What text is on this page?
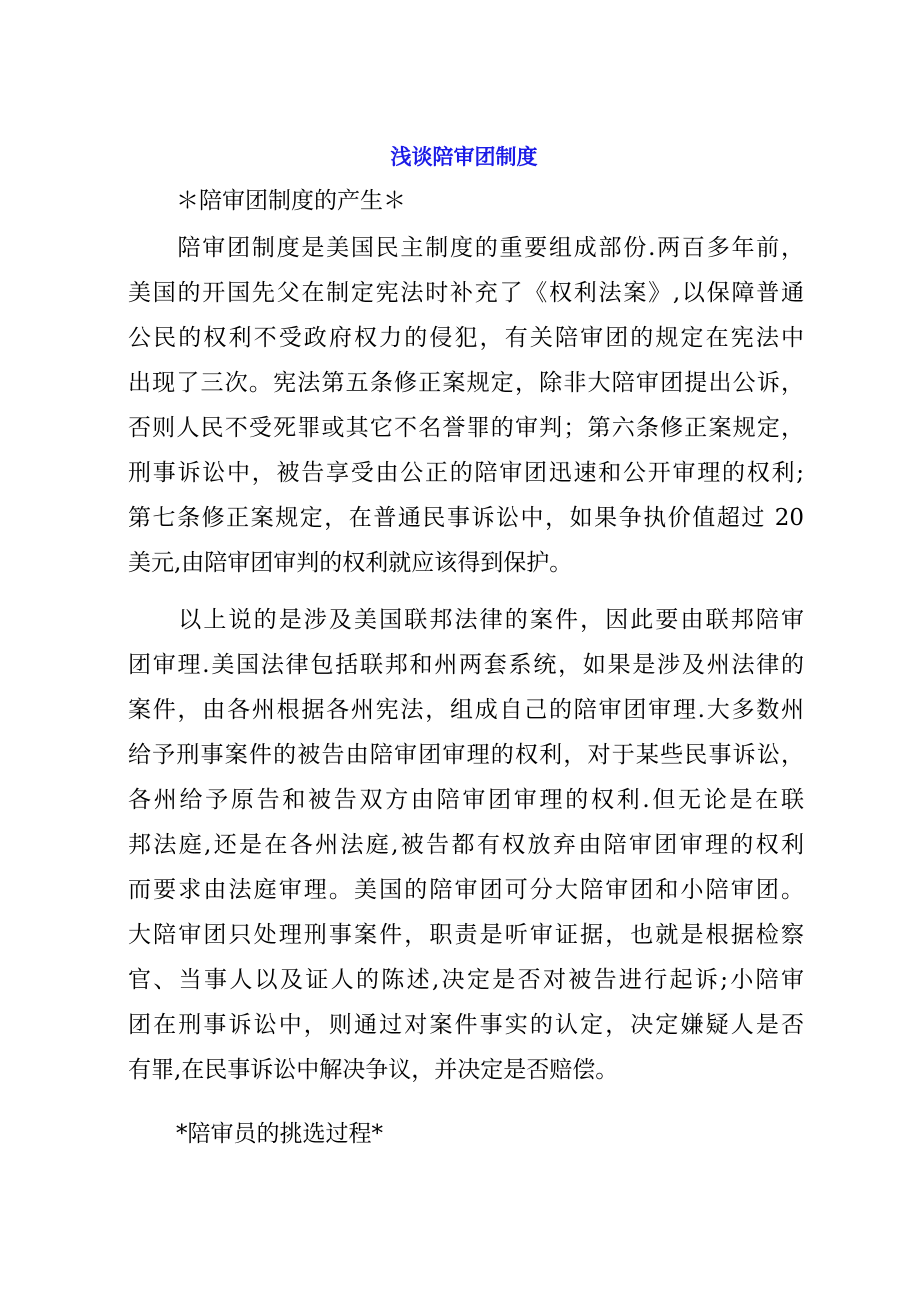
浅谈陪审团制度

＊陪审团制度的产生＊

　　陪审团制度是美国民主制度的重要组成部份.两百多年前，
美国的开国先父在制定宪法时补充了《权利法案》,以保障普通
公民的权利不受政府权力的侵犯，有关陪审团的规定在宪法中
出现了三次。宪法第五条修正案规定，除非大陪审团提出公诉，
否则人民不受死罪或其它不名誉罪的审判；第六条修正案规定，
刑事诉讼中，被告享受由公正的陪审团迅速和公开审理的权利;
第七条修正案规定，在普通民事诉讼中，如果争执价值超过 20
美元,由陪审团审判的权利就应该得到保护。
　　以上说的是涉及美国联邦法律的案件，因此要由联邦陪审
团审理.美国法律包括联邦和州两套系统，如果是涉及州法律的
案件，由各州根据各州宪法，组成自己的陪审团审理.大多数州
给予刑事案件的被告由陪审团审理的权利，对于某些民事诉讼，
各州给予原告和被告双方由陪审团审理的权利.但无论是在联
邦法庭,还是在各州法庭,被告都有权放弃由陪审团审理的权利
而要求由法庭审理。美国的陪审团可分大陪审团和小陪审团。
大陪审团只处理刑事案件，职责是听审证据，也就是根据检察
官、当事人以及证人的陈述,决定是否对被告进行起诉;小陪审
团在刑事诉讼中，则通过对案件事实的认定，决定嫌疑人是否
有罪,在民事诉讼中解决争议，并决定是否赔偿。

*陪审员的挑选过程*
